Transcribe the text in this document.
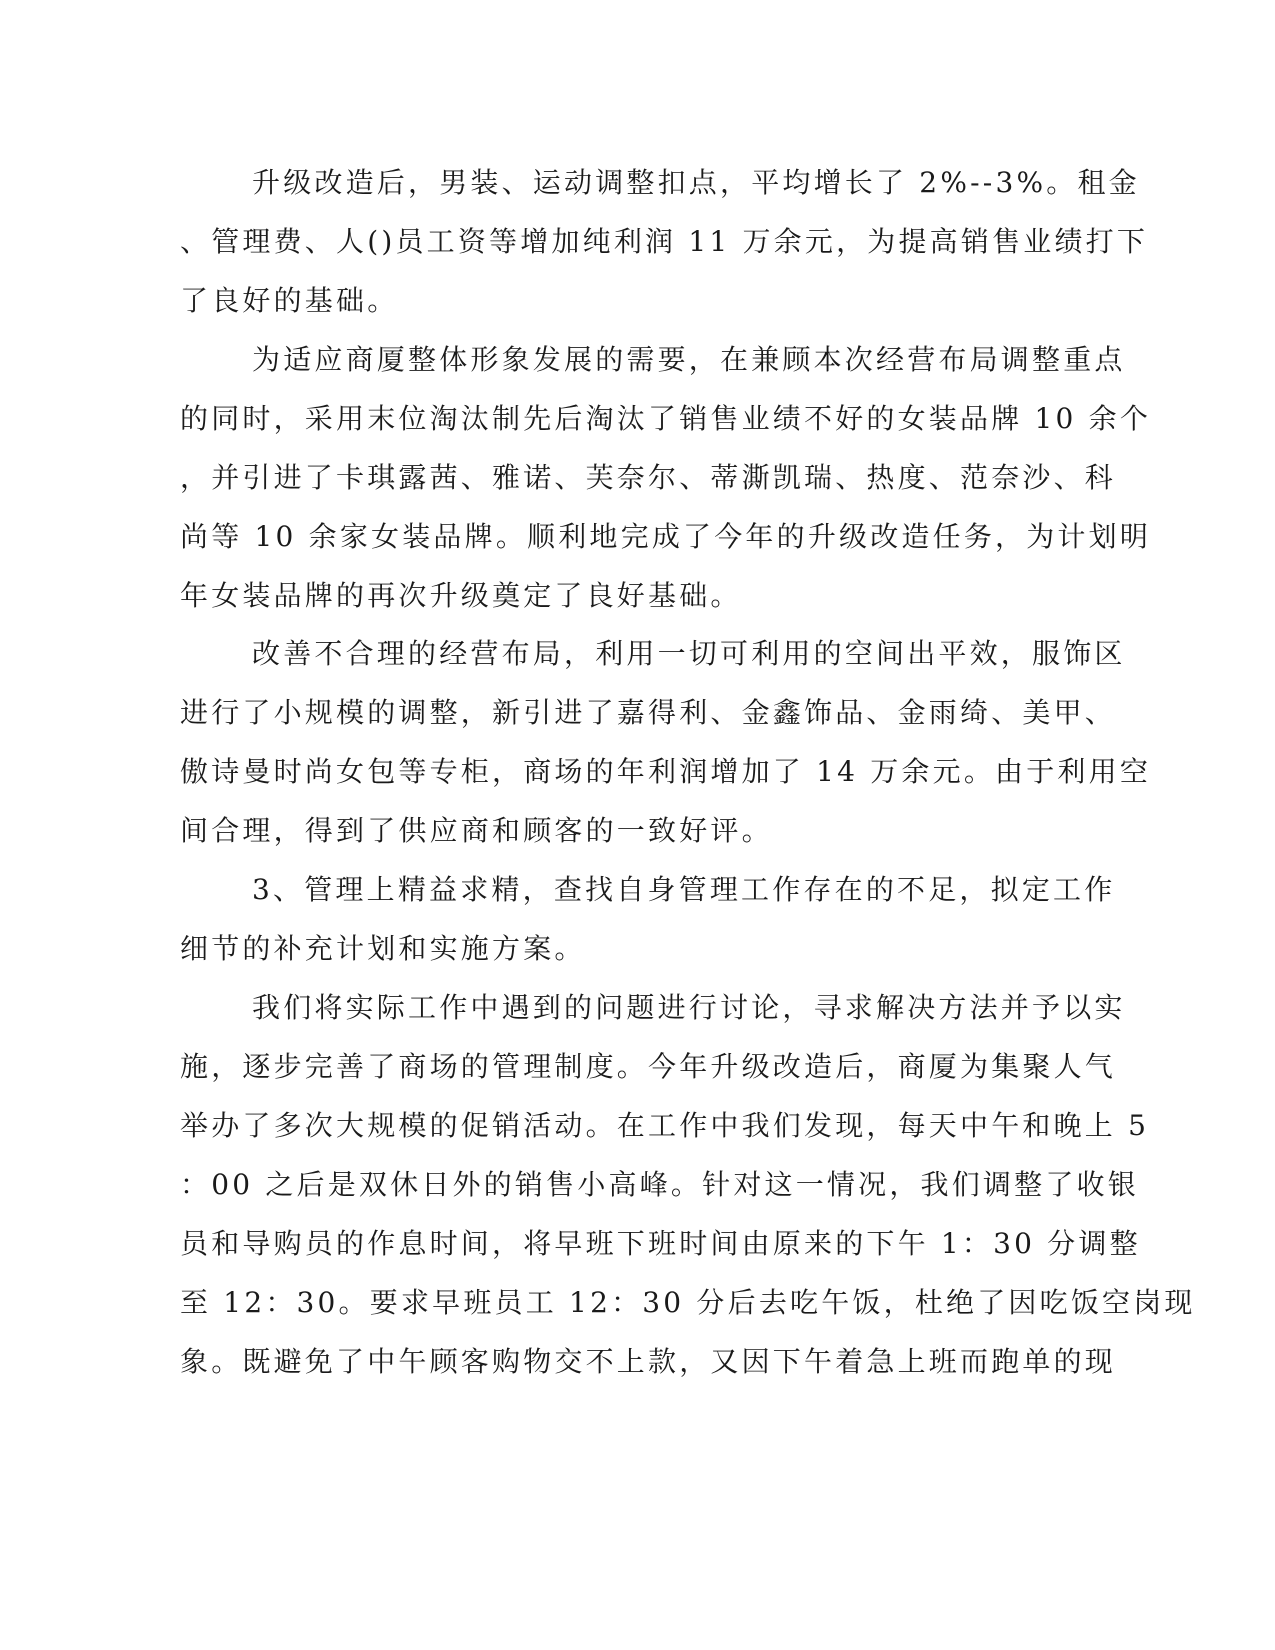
升级改造后，男装、运动调整扣点，平均增长了 2%--3%。租金
、管理费、人()员工资等增加纯利润 11 万余元，为提高销售业绩打下
了良好的基础。
为适应商厦整体形象发展的需要，在兼顾本次经营布局调整重点
的同时，采用末位淘汰制先后淘汰了销售业绩不好的女装品牌 10 余个
，并引进了卡琪露茜、雅诺、芙奈尔、蒂澌凯瑞、热度、范奈沙、科
尚等 10 余家女装品牌。顺利地完成了今年的升级改造任务，为计划明
年女装品牌的再次升级奠定了良好基础。
改善不合理的经营布局，利用一切可利用的空间出平效，服饰区
进行了小规模的调整，新引进了嘉得利、金鑫饰品、金雨绮、美甲、
傲诗曼时尚女包等专柜，商场的年利润增加了 14 万余元。由于利用空
间合理，得到了供应商和顾客的一致好评。
3、管理上精益求精，查找自身管理工作存在的不足，拟定工作
细节的补充计划和实施方案。
我们将实际工作中遇到的问题进行讨论，寻求解决方法并予以实
施，逐步完善了商场的管理制度。今年升级改造后，商厦为集聚人气
举办了多次大规模的促销活动。在工作中我们发现，每天中午和晚上 5
：00 之后是双休日外的销售小高峰。针对这一情况，我们调整了收银
员和导购员的作息时间，将早班下班时间由原来的下午 1：30 分调整
至 12：30。要求早班员工 12：30 分后去吃午饭，杜绝了因吃饭空岗现
象。既避免了中午顾客购物交不上款，又因下午着急上班而跑单的现
